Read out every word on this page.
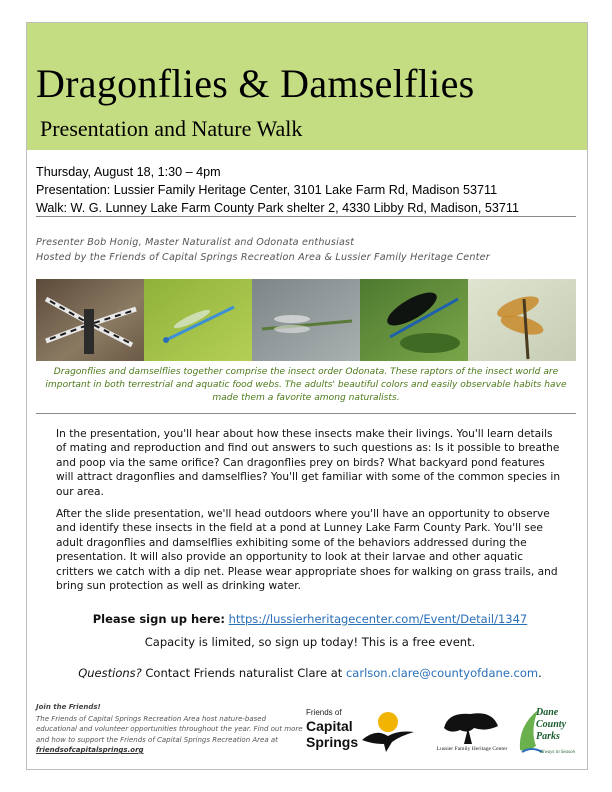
Dragonflies & Damselflies
Presentation and Nature Walk
Thursday, August 18, 1:30 – 4pm
Presentation: Lussier Family Heritage Center, 3101 Lake Farm Rd, Madison 53711
Walk: W. G. Lunney Lake Farm County Park shelter 2, 4330 Libby Rd, Madison, 53711
Presenter Bob Honig, Master Naturalist and Odonata enthusiast
Hosted by the Friends of Capital Springs Recreation Area & Lussier Family Heritage Center
Dragonflies and damselflies together comprise the insect order Odonata. These raptors of the insect world are important in both terrestrial and aquatic food webs. The adults' beautiful colors and easily observable habits have made them a favorite among naturalists.
In the presentation, you'll hear about how these insects make their livings. You'll learn details of mating and reproduction and find out answers to such questions as: Is it possible to breathe and poop via the same orifice? Can dragonflies prey on birds? What backyard pond features will attract dragonflies and damselflies? You'll get familiar with some of the common species in our area.
After the slide presentation, we'll head outdoors where you'll have an opportunity to observe and identify these insects in the field at a pond at Lunney Lake Farm County Park. You'll see adult dragonflies and damselflies exhibiting some of the behaviors addressed during the presentation. It will also provide an opportunity to look at their larvae and other aquatic critters we catch with a dip net. Please wear appropriate shoes for walking on grass trails, and bring sun protection as well as drinking water.
Please sign up here: https://lussierheritagecenter.com/Event/Detail/1347
Capacity is limited, so sign up today! This is a free event.
Questions? Contact Friends naturalist Clare at carlson.clare@countyofdane.com.
Join the Friends!
The Friends of Capital Springs Recreation Area host nature-based educational and volunteer opportunities throughout the year. Find out more and how to support the Friends of Capital Springs Recreation Area at friendsofcapitalsprings.org
Friends of
Capital
Springs	Lussier Family Heritage Center
Dane
County
Parks
Always in Season
